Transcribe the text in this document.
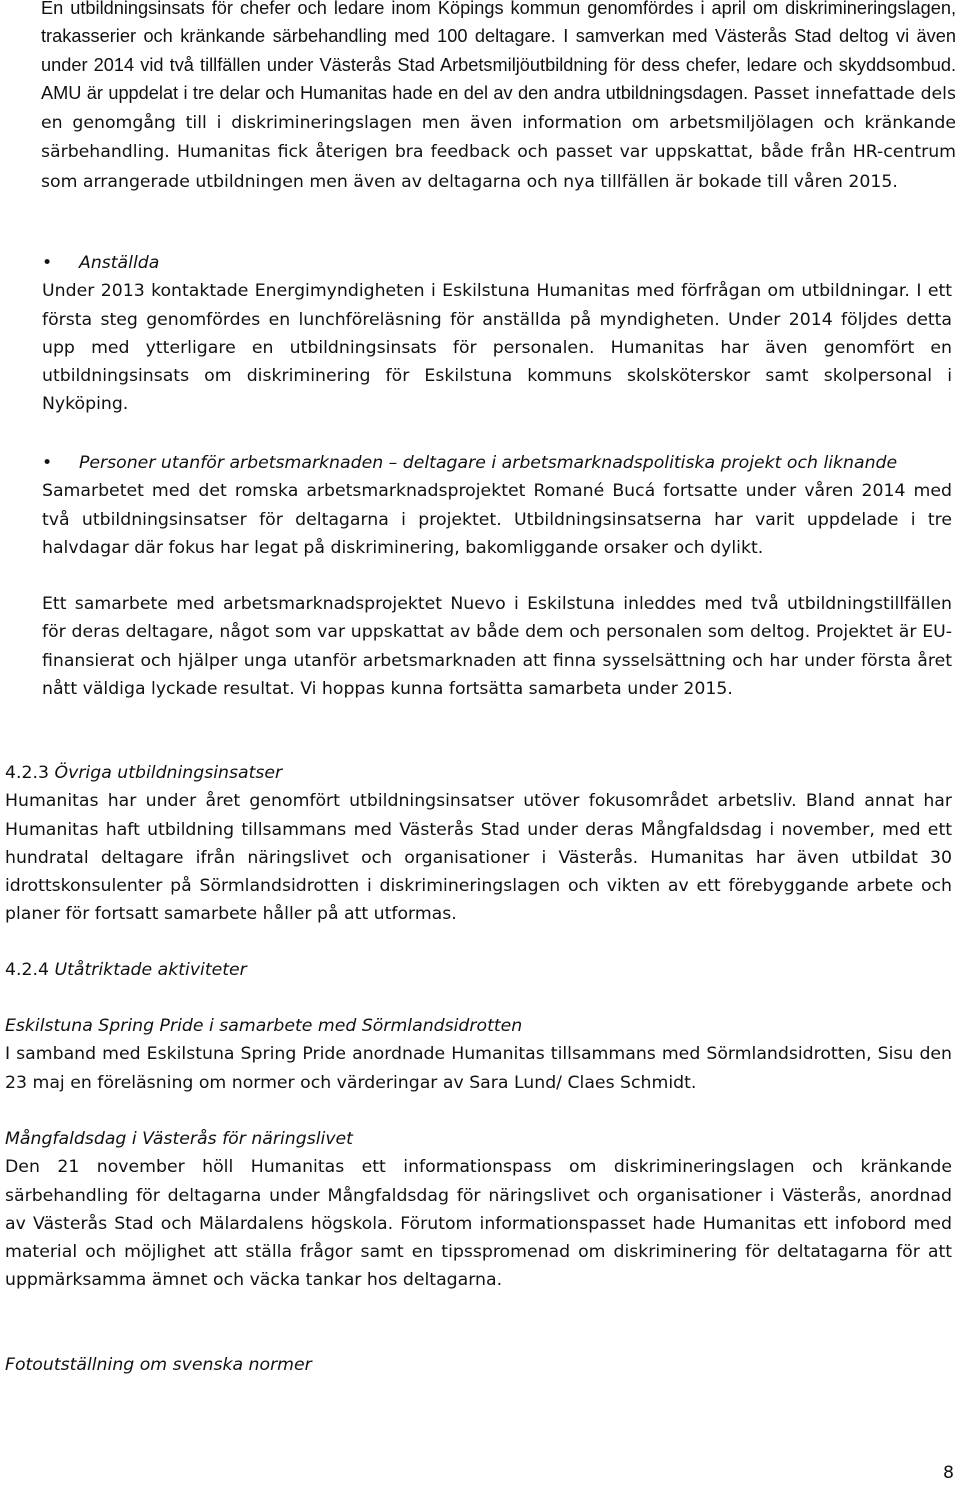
En utbildningsinsats för chefer och ledare inom Köpings kommun genomfördes i april om diskrimineringslagen, trakasserier och kränkande särbehandling med 100 deltagare. I samverkan med Västerås Stad deltog vi även under 2014 vid två tillfällen under Västerås Stad Arbetsmiljöutbildning för dess chefer, ledare och skyddsombud. AMU är uppdelat i tre delar och Humanitas hade en del av den andra utbildningsdagen. Passet innefattade dels en genomgång till i diskrimineringslagen men även information om arbetsmiljölagen och kränkande särbehandling. Humanitas fick återigen bra feedback och passet var uppskattat, både från HR-centrum som arrangerade utbildningen men även av deltagarna och nya tillfällen är bokade till våren 2015.

• Anställda

Under 2013 kontaktade Energimyndigheten i Eskilstuna Humanitas med förfrågan om utbildningar. I ett första steg genomfördes en lunchföreläsning för anställda på myndigheten. Under 2014 följdes detta upp med ytterligare en utbildningsinsats för personalen. Humanitas har även genomfört en utbildningsinsats om diskriminering för Eskilstuna kommuns skolsköterskor samt skolpersonal i Nyköping.

• Personer utanför arbetsmarknaden – deltagare i arbetsmarknadspolitiska projekt och liknande

Samarbetet med det romska arbetsmarknadsprojektet Romané Bucá fortsatte under våren 2014 med två utbildningsinsatser för deltagarna i projektet. Utbildningsinsatserna har varit uppdelade i tre halvdagar där fokus har legat på diskriminering, bakomliggande orsaker och dylikt.

Ett samarbete med arbetsmarknadsprojektet Nuevo i Eskilstuna inleddes med två utbildningstillfällen för deras deltagare, något som var uppskattat av både dem och personalen som deltog. Projektet är EU-finansierat och hjälper unga utanför arbetsmarknaden att finna sysselsättning och har under första året nått väldiga lyckade resultat. Vi hoppas kunna fortsätta samarbeta under 2015.

4.2.3 Övriga utbildningsinsatser

Humanitas har under året genomfört utbildningsinsatser utöver fokusområdet arbetsliv. Bland annat har Humanitas haft utbildning tillsammans med Västerås Stad under deras Mångfaldsdag i november, med ett hundratal deltagare ifrån näringslivet och organisationer i Västerås. Humanitas har även utbildat 30 idrottskonsulenter på Sörmlandsidrotten i diskrimineringslagen och vikten av ett förebyggande arbete och planer för fortsatt samarbete håller på att utformas.

4.2.4 Utåtriktade aktiviteter

Eskilstuna Spring Pride i samarbete med Sörmlandsidrotten

I samband med Eskilstuna Spring Pride anordnade Humanitas tillsammans med Sörmlandsidrotten, Sisu den 23 maj en föreläsning om normer och värderingar av Sara Lund/ Claes Schmidt.

Mångfaldsdag i Västerås för näringslivet

Den 21 november höll Humanitas ett informationspass om diskrimineringslagen och kränkande särbehandling för deltagarna under Mångfaldsdag för näringslivet och organisationer i Västerås, anordnad av Västerås Stad och Mälardalens högskola. Förutom informationspasset hade Humanitas ett infobord med material och möjlighet att ställa frågor samt en tipsspromenad om diskriminering för deltatagarna för att uppmärksamma ämnet och väcka tankar hos deltagarna.

Fotoutställning om svenska normer

8
